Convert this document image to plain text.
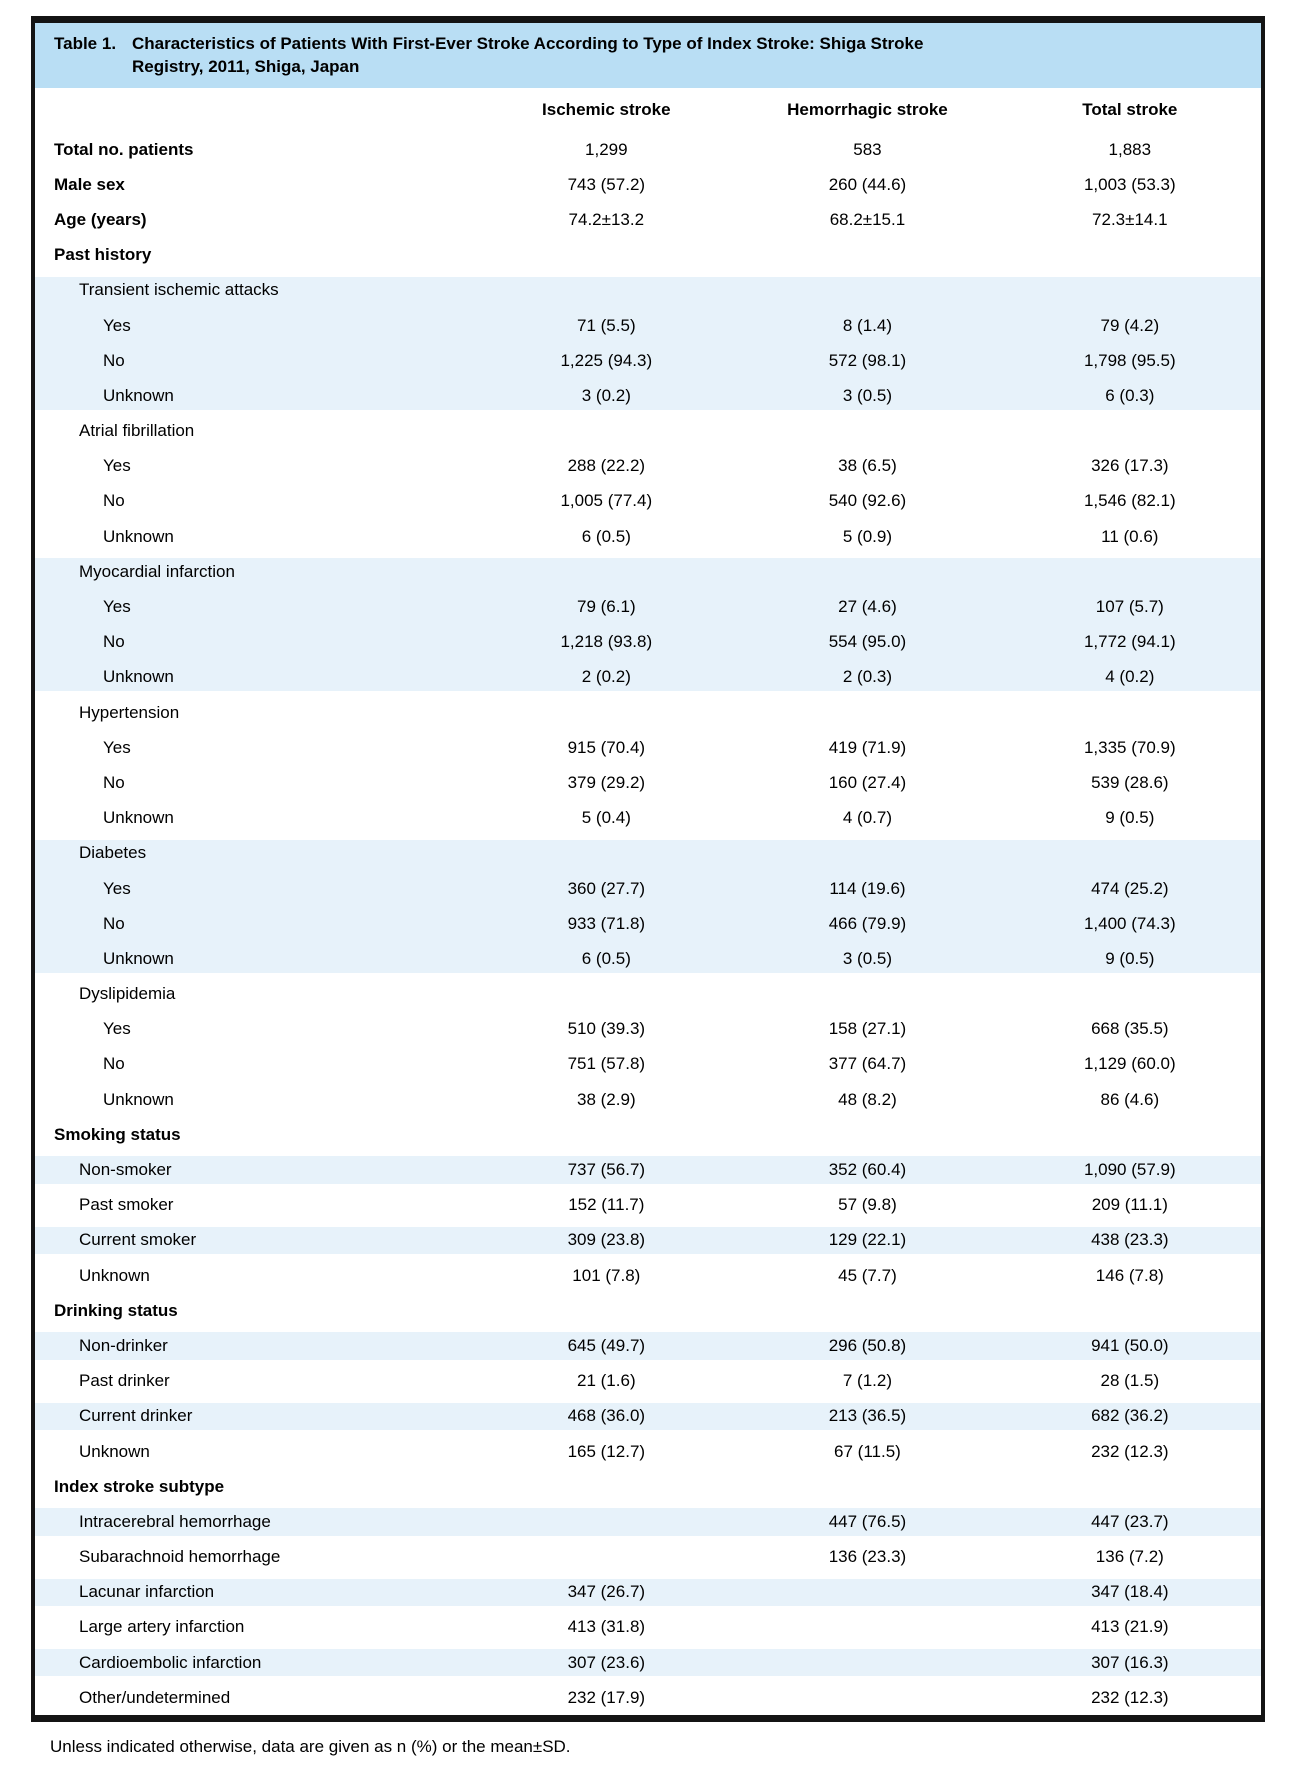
Table 1. Characteristics of Patients With First-Ever Stroke According to Type of Index Stroke: Shiga Stroke
Registry, 2011, Shiga, Japan
	Ischemic stroke	Hemorrhagic stroke	Total stroke
Total no. patients	1,299	583	1,883
Male sex	743 (57.2)	260 (44.6)	1,003 (53.3)
Age (years)	74.2±13.2	68.2±15.1	72.3±14.1
Past history			
Transient ischemic attacks			
Yes	71 (5.5)	8 (1.4)	79 (4.2)
No	1,225 (94.3)	572 (98.1)	1,798 (95.5)
Unknown	3 (0.2)	3 (0.5)	6 (0.3)
Atrial fibrillation			
Yes	288 (22.2)	38 (6.5)	326 (17.3)
No	1,005 (77.4)	540 (92.6)	1,546 (82.1)
Unknown	6 (0.5)	5 (0.9)	11 (0.6)
Myocardial infarction			
Yes	79 (6.1)	27 (4.6)	107 (5.7)
No	1,218 (93.8)	554 (95.0)	1,772 (94.1)
Unknown	2 (0.2)	2 (0.3)	4 (0.2)
Hypertension			
Yes	915 (70.4)	419 (71.9)	1,335 (70.9)
No	379 (29.2)	160 (27.4)	539 (28.6)
Unknown	5 (0.4)	4 (0.7)	9 (0.5)
Diabetes			
Yes	360 (27.7)	114 (19.6)	474 (25.2)
No	933 (71.8)	466 (79.9)	1,400 (74.3)
Unknown	6 (0.5)	3 (0.5)	9 (0.5)
Dyslipidemia			
Yes	510 (39.3)	158 (27.1)	668 (35.5)
No	751 (57.8)	377 (64.7)	1,129 (60.0)
Unknown	38 (2.9)	48 (8.2)	86 (4.6)
Smoking status			
Non-smoker	737 (56.7)	352 (60.4)	1,090 (57.9)
Past smoker	152 (11.7)	57 (9.8)	209 (11.1)
Current smoker	309 (23.8)	129 (22.1)	438 (23.3)
Unknown	101 (7.8)	45 (7.7)	146 (7.8)
Drinking status			
Non-drinker	645 (49.7)	296 (50.8)	941 (50.0)
Past drinker	21 (1.6)	7 (1.2)	28 (1.5)
Current drinker	468 (36.0)	213 (36.5)	682 (36.2)
Unknown	165 (12.7)	67 (11.5)	232 (12.3)
Index stroke subtype			
Intracerebral hemorrhage		447 (76.5)	447 (23.7)
Subarachnoid hemorrhage		136 (23.3)	136 (7.2)
Lacunar infarction	347 (26.7)		347 (18.4)
Large artery infarction	413 (31.8)		413 (21.9)
Cardioembolic infarction	307 (23.6)		307 (16.3)
Other/undetermined	232 (17.9)		232 (12.3)
Unless indicated otherwise, data are given as n (%) or the mean±SD.
